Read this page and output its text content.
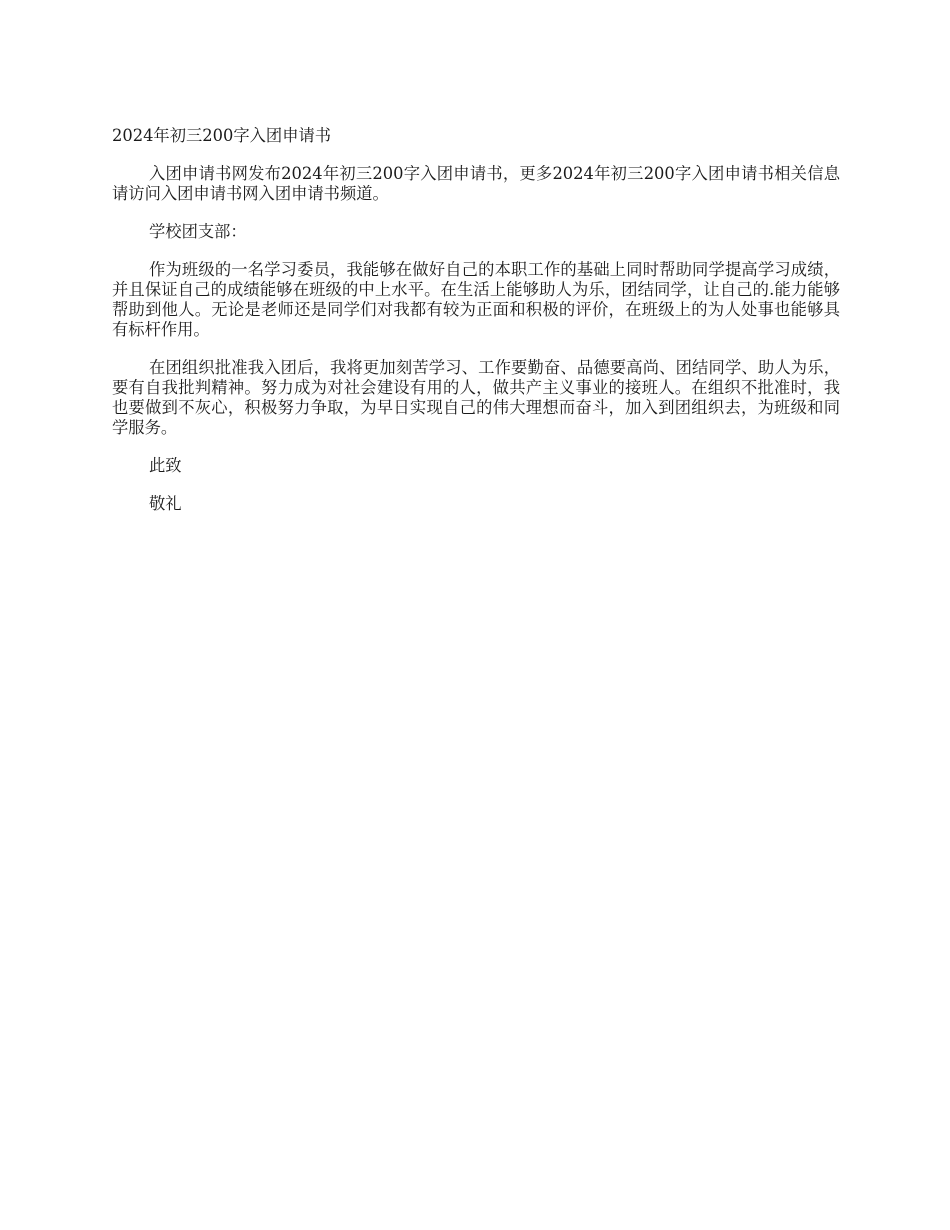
2024年初三200字入团申请书

入团申请书网发布2024年初三200字入团申请书，更多2024年初三200字入团申请书相关信息请访问入团申请书网入团申请书频道。

学校团支部：

作为班级的一名学习委员，我能够在做好自己的本职工作的基础上同时帮助同学提高学习成绩，并且保证自己的成绩能够在班级的中上水平。在生活上能够助人为乐，团结同学，让自己的.能力能够帮助到他人。无论是老师还是同学们对我都有较为正面和积极的评价，在班级上的为人处事也能够具有标杆作用。

在团组织批准我入团后，我将更加刻苦学习、工作要勤奋、品德要高尚、团结同学、助人为乐，要有自我批判精神。努力成为对社会建设有用的人，做共产主义事业的接班人。在组织不批准时，我也要做到不灰心，积极努力争取，为早日实现自己的伟大理想而奋斗，加入到团组织去，为班级和同学服务。

此致

敬礼
